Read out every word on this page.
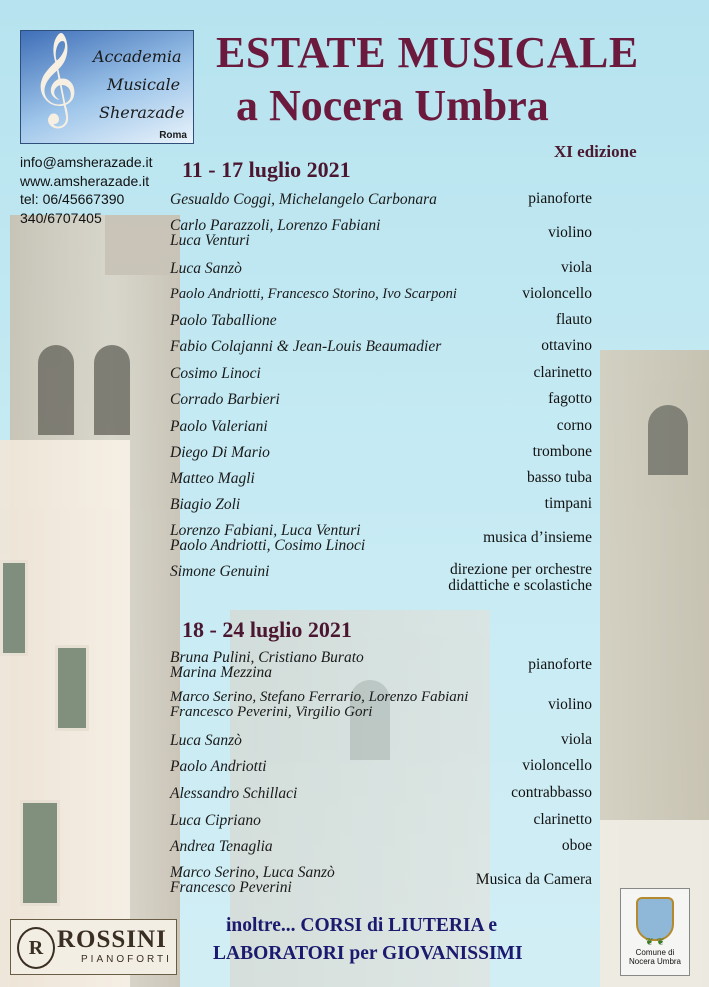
𝄞 Accademia
Musicale
Sherazade
Roma
info@amsherazade.it
www.amsherazade.it
tel: 06/45667390
340/6707405
ESTATE MUSICALE
a Nocera Umbra
XI edizione
11 - 17 luglio 2021
Gesualdo Coggi, Michelangelo Carbonara	pianoforte
Carlo Parazzoli, Lorenzo Fabiani
Luca Venturi	violino
Luca Sanzò	viola
Paolo Andriotti, Francesco Storino, Ivo Scarponi	violoncello
Paolo Taballione	flauto
Fabio Colajanni & Jean-Louis Beaumadier	ottavino
Cosimo Linoci	clarinetto
Corrado Barbieri	fagotto
Paolo Valeriani	corno
Diego Di Mario	trombone
Matteo Magli	basso tuba
Biagio Zoli	timpani
Lorenzo Fabiani, Luca Venturi
Paolo Andriotti, Cosimo Linoci	musica d’insieme
Simone Genuini	direzione per orchestre
didattiche e scolastiche
18 - 24 luglio 2021
Bruna Pulini, Cristiano Burato
Marina Mezzina	pianoforte
Marco Serino, Stefano Ferrario, Lorenzo Fabiani
Francesco Peverini, Virgilio Gori	violino
Luca Sanzò	viola
Paolo Andriotti	violoncello
Alessandro Schillaci	contrabbasso
Luca Cipriano	clarinetto
Andrea Tenaglia	oboe
Marco Serino, Luca Sanzò
Francesco Peverini	Musica da Camera
inoltre... CORSI di LIUTERIA e
LABORATORI per GIOVANISSIMI
R ROSSINI
PIANOFORTI
❦ ❦
Comune di
Nocera Umbra
